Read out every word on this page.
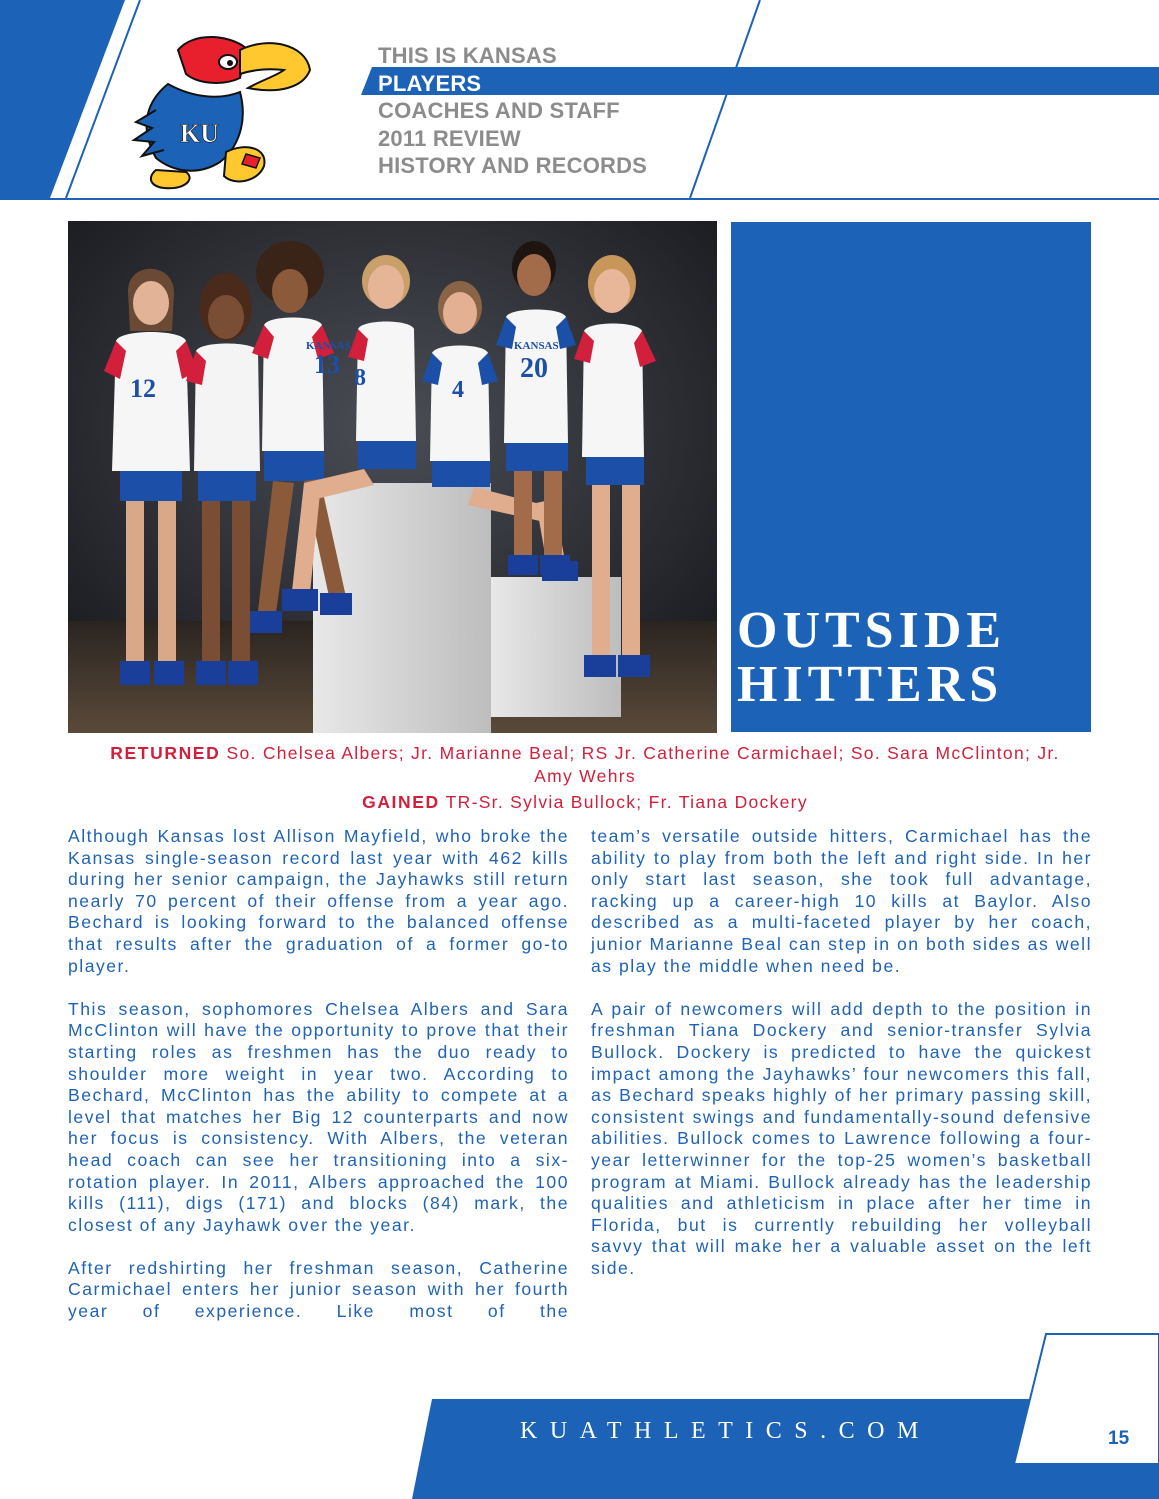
KU
THIS IS KANSAS
PLAYERS
COACHES AND STAFF
2011 REVIEW
HISTORY AND RECORDS
12
13
KANSAS
8	4
20
KANSAS
OUTSIDE
HITTERS
RETURNED So. Chelsea Albers; Jr. Marianne Beal; RS Jr. Catherine Carmichael; So. Sara McClinton; Jr. Amy Wehrs
GAINED TR-Sr. Sylvia Bullock; Fr. Tiana Dockery

Although Kansas lost Allison Mayfield, who broke the Kansas single-season record last year with 462 kills during her senior campaign, the Jayhawks still return nearly 70 percent of their offense from a year ago. Bechard is looking forward to the balanced offense that results after the graduation of a former go-to player.

This season, sophomores Chelsea Albers and Sara McClinton will have the opportunity to prove that their starting roles as freshmen has the duo ready to shoulder more weight in year two. According to Bechard, McClinton has the ability to compete at a level that matches her Big 12 counterparts and now her focus is consistency. With Albers, the veteran head coach can see her transitioning into a six-rotation player. In 2011, Albers approached the 100 kills (111), digs (171) and blocks (84) mark, the closest of any Jayhawk over the year.

After redshirting her freshman season, Catherine Carmichael enters her junior season with her fourth year of experience. Like most of the

team’s versatile outside hitters, Carmichael has the ability to play from both the left and right side. In her only start last season, she took full advantage, racking up a career-high 10 kills at Baylor. Also described as a multi-faceted player by her coach, junior Marianne Beal can step in on both sides as well as play the middle when need be.

A pair of newcomers will add depth to the position in freshman Tiana Dockery and senior-transfer Sylvia Bullock. Dockery is predicted to have the quickest impact among the Jayhawks’ four newcomers this fall, as Bechard speaks highly of her primary passing skill, consistent swings and fundamentally-sound defensive abilities. Bullock comes to Lawrence following a four-year letterwinner for the top-25 women’s basketball program at Miami. Bullock already has the leadership qualities and athleticism in place after her time in Florida, but is currently rebuilding her volleyball savvy that will make her a valuable asset on the left side.

KUATHLETICS.COM	15
